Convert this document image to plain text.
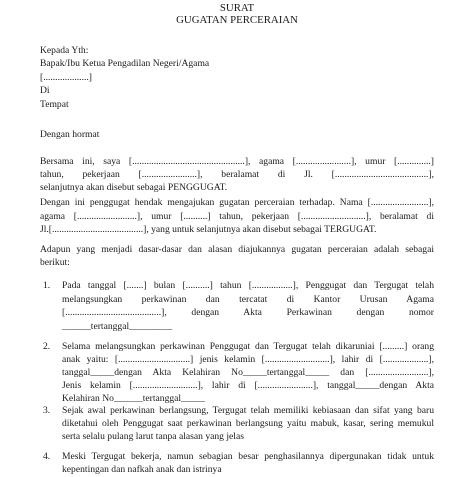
SURAT
GUGATAN PERCERAIAN
Kepada Yth:
Bapak/Ibu Ketua Pengadilan Negeri/Agama
[...................]
Di
Tempat
Dengan hormat
Bersama ini, saya [...............................................], agama [.......................], umur [..............]
tahun, pekerjaan [.......................], beralamat di Jl. [.......................................],
selanjutnya akan disebut sebagai PENGGUGAT.
Dengan ini penggugat hendak mengajukan gugatan perceraian terhadap. Nama [........................],
agama [.........................], umur [..........] tahun, pekerjaan [...........................], beralamat di
Jl.[......................................], yang untuk selanjutnya akan disebut sebagai TERGUGAT.
Adapun yang menjadi dasar-dasar dan alasan diajukannya gugatan perceraian adalah sebagai
berikut:
1. Pada tanggal [.......] bulan [..........] tahun [.................], Penggugat dan Tergugat telah
melangsungkan perkawinan dan tercatat di Kantor Urusan Agama
[........................................], dengan Akta Perkawinan dengan nomor
______tertanggal_________
2. Selama melangsungkan perkawinan Penggugat dan Tergugat telah dikaruniai [.........] orang
anak yaitu: [..............................] jenis kelamin [...........................], lahir di [...................],
tanggal_____dengan Akta Kelahiran No_____tertanggal_____ dan [.........................],
Jenis kelamin [...........................], lahir di [.......................], tanggal_____dengan Akta
Kelahiran No______tertanggal_____
3. Sejak awal perkawinan berlangsung, Tergugat telah memiliki kebiasaan dan sifat yang baru
diketahui oleh Penggugat saat perkawinan berlangsung yaitu mabuk, kasar, sering memukul
serta selalu pulang larut tanpa alasan yang jelas
4. Meski Tergugat bekerja, namun sebagian besar penghasilannya dipergunakan tidak untuk
kepentingan dan nafkah anak dan istrinya
